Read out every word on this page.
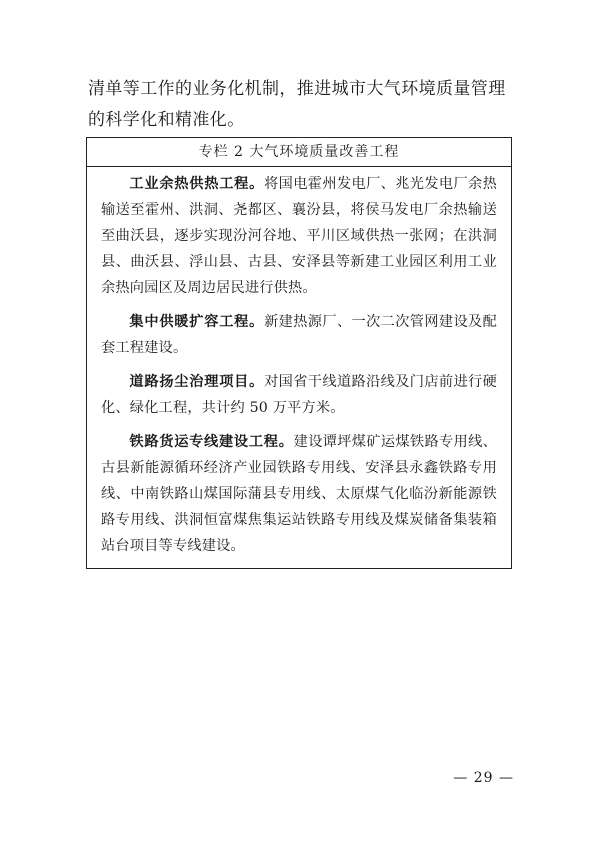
清单等工作的业务化机制，推进城市大气环境质量管理的科学化和精准化。

专栏 2 大气环境质量改善工程

工业余热供热工程。将国电霍州发电厂、兆光发电厂余热输送至霍州、洪洞、尧都区、襄汾县，将侯马发电厂余热输送至曲沃县，逐步实现汾河谷地、平川区域供热一张网；在洪洞县、曲沃县、浮山县、古县、安泽县等新建工业园区利用工业余热向园区及周边居民进行供热。

集中供暖扩容工程。新建热源厂、一次二次管网建设及配套工程建设。

道路扬尘治理项目。对国省干线道路沿线及门店前进行硬化、绿化工程，共计约 50 万平方米。

铁路货运专线建设工程。建设谭坪煤矿运煤铁路专用线、古县新能源循环经济产业园铁路专用线、安泽县永鑫铁路专用线、中南铁路山煤国际蒲县专用线、太原煤气化临汾新能源铁路专用线、洪洞恒富煤焦集运站铁路专用线及煤炭储备集装箱站台项目等专线建设。

— 29 —
